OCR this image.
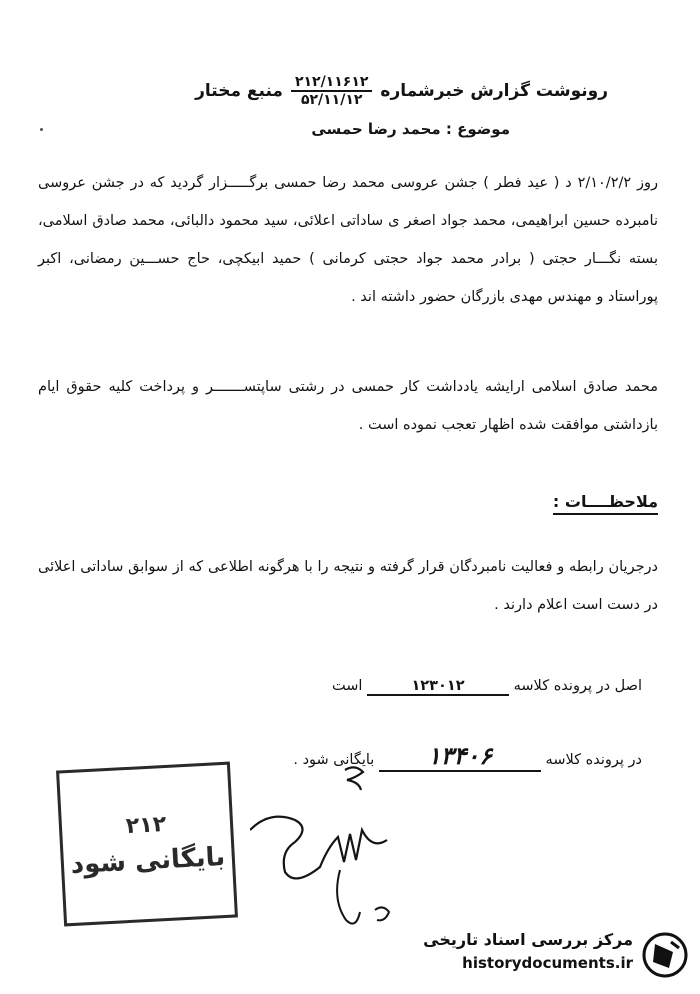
رونوشت گزارش خبرشماره
$\frac{۲۱۲/۱۱۶۱۲}{۵۲/۱۱/۱۲}$
منبع مختار
موضوع : محمد رضا حمسی
روز ۲/۱۰/۲/۲ د ( عید فطر ) جشن عروسی محمد رضا حمسی برگـــــزار گردید که در جشن عروسی نامبرده حسین ابراهیمی، محمد جواد اصغر ی ساداتی اعلائی، سید محمود دالبائی، محمد صادق اسلامی، بسته نگـــار حجتی ( برادر محمد جواد حجتی کرمانی ) حمید ابیکچی، حاج حســـین رمضانی، اکبر پوراستاد و مهندس مهدی بازرگان حضور داشته اند .
محمد صادق اسلامی ارایشه یادداشت کار حمسی در رشتی ساپتســـــــر و پرداخت کلیه حقوق ایام بازداشتی موافقت شده اظهار تعجب نموده است .
ملاحظــــات :
درجریان رابطه و فعالیت نامبردگان قرار گرفته و نتیجه را با هرگونه اطلاعی که از سوابق ساداتی اعلائی در دست است اعلام دارند .
اصل در پرونده کلاسه ۱۲۳۰۱۲ است
در پرونده کلاسه ۱۳۴۰۶ بایگانی شود .
۲۱۲
بایگانی شود
مرکز بررسی اسناد تاریخی
historydocuments.ir
